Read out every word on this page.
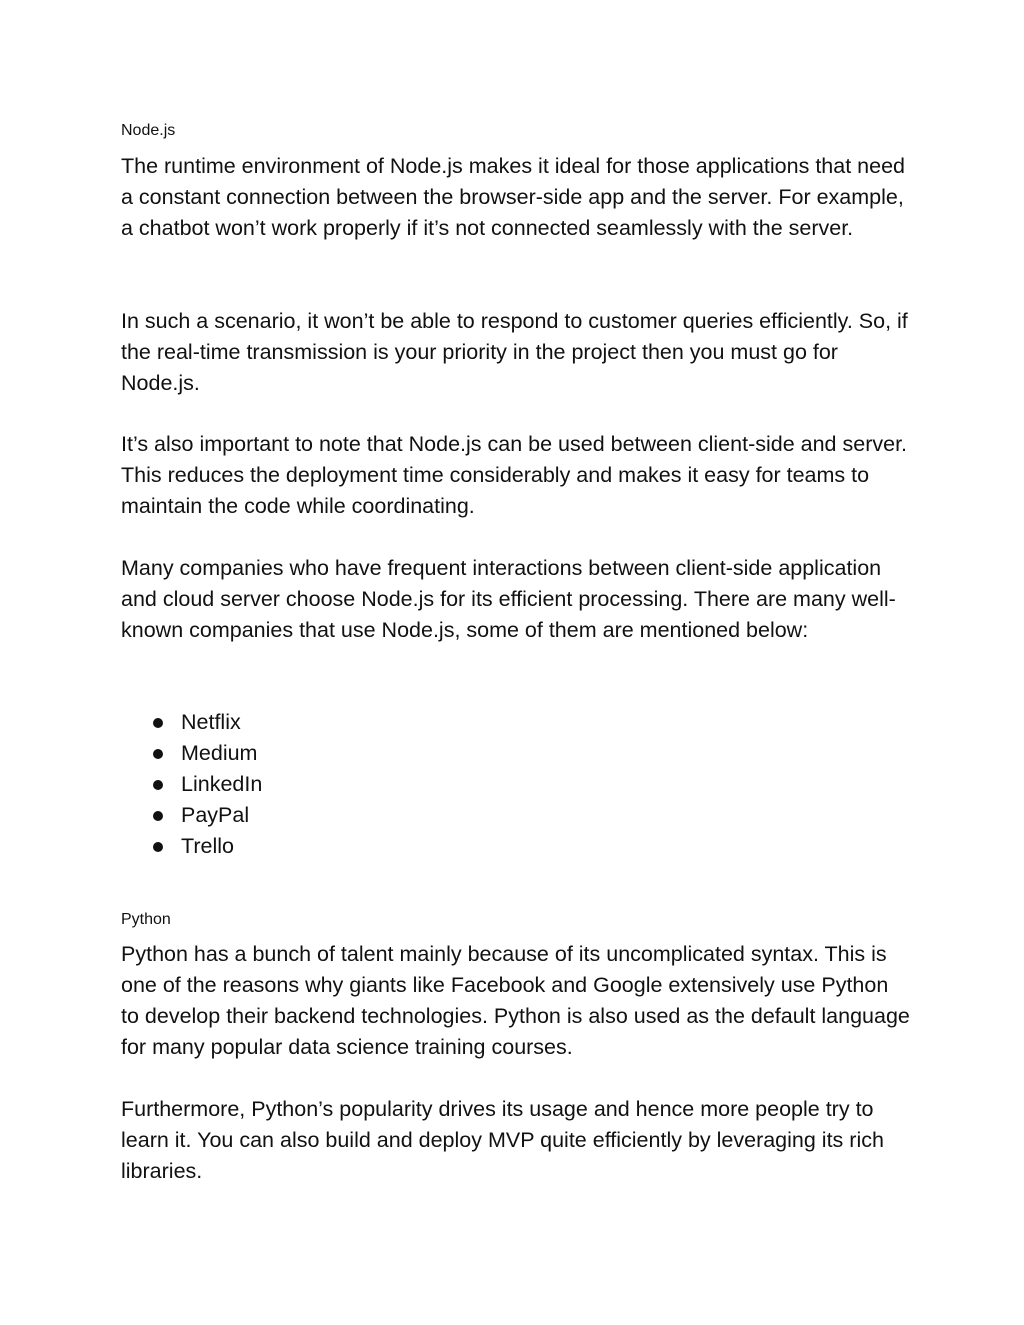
Node.js

The runtime environment of Node.js makes it ideal for those applications that need a constant connection between the browser-side app and the server. For example, a chatbot won’t work properly if it’s not connected seamlessly with the server.

In such a scenario, it won’t be able to respond to customer queries efficiently. So, if the real-time transmission is your priority in the project then you must go for Node.js.

It’s also important to note that Node.js can be used between client-side and server. This reduces the deployment time considerably and makes it easy for teams to maintain the code while coordinating.

Many companies who have frequent interactions between client-side application and cloud server choose Node.js for its efficient processing. There are many well-known companies that use Node.js, some of them are mentioned below:

Netflix
Medium
LinkedIn
PayPal
Trello
Python

Python has a bunch of talent mainly because of its uncomplicated syntax. This is one of the reasons why giants like Facebook and Google extensively use Python to develop their backend technologies. Python is also used as the default language for many popular data science training courses.

Furthermore, Python’s popularity drives its usage and hence more people try to learn it. You can also build and deploy MVP quite efficiently by leveraging its rich libraries.
